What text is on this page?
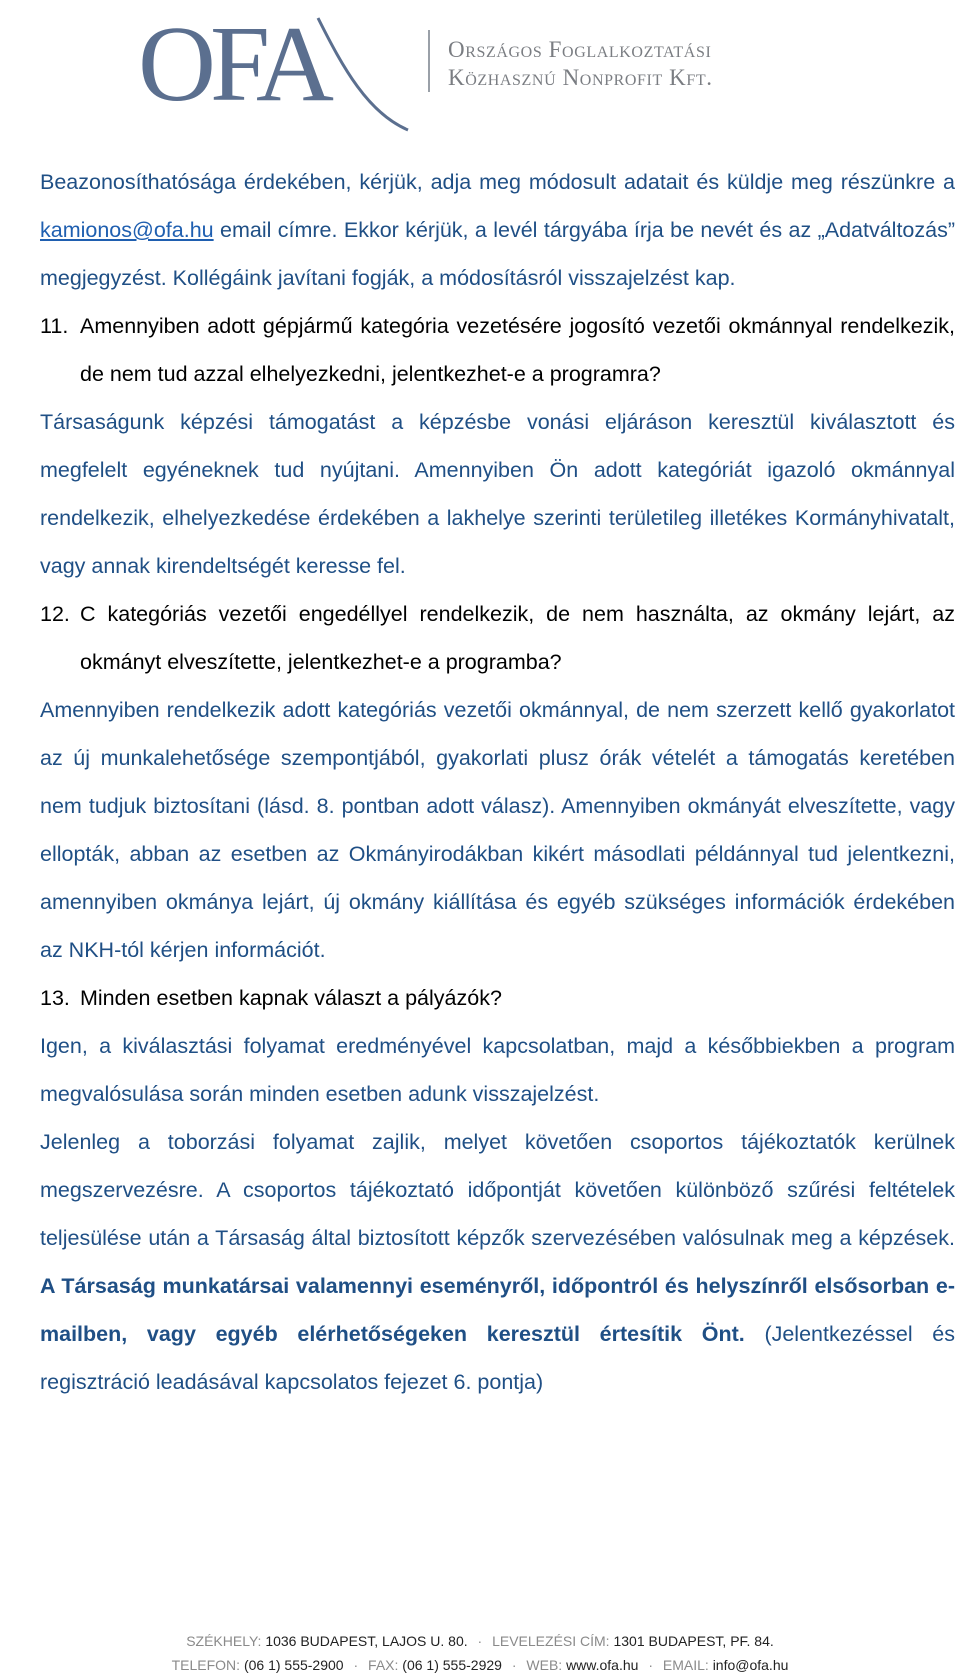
OFA	Országos Foglalkoztatási
Közhasznú Nonprofit Kft.

Beazonosíthatósága érdekében, kérjük, adja meg módosult adatait és küldje meg részünkre a kamionos@ofa.hu email címre. Ekkor kérjük, a levél tárgyába írja be nevét és az „Adatváltozás” megjegyzést. Kollégáink javítani fogják, a módosításról visszajelzést kap.

11. Amennyiben adott gépjármű kategória vezetésére jogosító vezetői okmánnyal rendelkezik, de nem tud azzal elhelyezkedni, jelentkezhet-e a programra?

Társaságunk képzési támogatást a képzésbe vonási eljáráson keresztül kiválasztott és megfelelt egyéneknek tud nyújtani. Amennyiben Ön adott kategóriát igazoló okmánnyal rendelkezik, elhelyezkedése érdekében a lakhelye szerinti területileg illetékes Kormányhivatalt, vagy annak kirendeltségét keresse fel.

12. C kategóriás vezetői engedéllyel rendelkezik, de nem használta, az okmány lejárt, az okmányt elveszítette, jelentkezhet-e a programba?

Amennyiben rendelkezik adott kategóriás vezetői okmánnyal, de nem szerzett kellő gyakorlatot az új munkalehetősége szempontjából, gyakorlati plusz órák vételét a támogatás keretében nem tudjuk biztosítani (lásd. 8. pontban adott válasz). Amennyiben okmányát elveszítette, vagy ellopták, abban az esetben az Okmányirodákban kikért másodlati példánnyal tud jelentkezni, amennyiben okmánya lejárt, új okmány kiállítása és egyéb szükséges információk érdekében az NKH-tól kérjen információt.

13. Minden esetben kapnak választ a pályázók?

Igen, a kiválasztási folyamat eredményével kapcsolatban, majd a későbbiekben a program megvalósulása során minden esetben adunk visszajelzést.

Jelenleg a toborzási folyamat zajlik, melyet követően csoportos tájékoztatók kerülnek megszervezésre. A csoportos tájékoztató időpontját követően különböző szűrési feltételek teljesülése után a Társaság által biztosított képzők szervezésében valósulnak meg a képzések. A Társaság munkatársai valamennyi eseményről, időpontról és helyszínről elsősorban e-mailben, vagy egyéb elérhetőségeken keresztül értesítik Önt. (Jelentkezéssel és regisztráció leadásával kapcsolatos fejezet 6. pontja)

SZÉKHELY: 1036 BUDAPEST, LAJOS U. 80. · LEVELEZÉSI CÍM: 1301 BUDAPEST, PF. 84.
TELEFON: (06 1) 555-2900 · FAX: (06 1) 555-2929 · WEB: www.ofa.hu · EMAIL: info@ofa.hu
